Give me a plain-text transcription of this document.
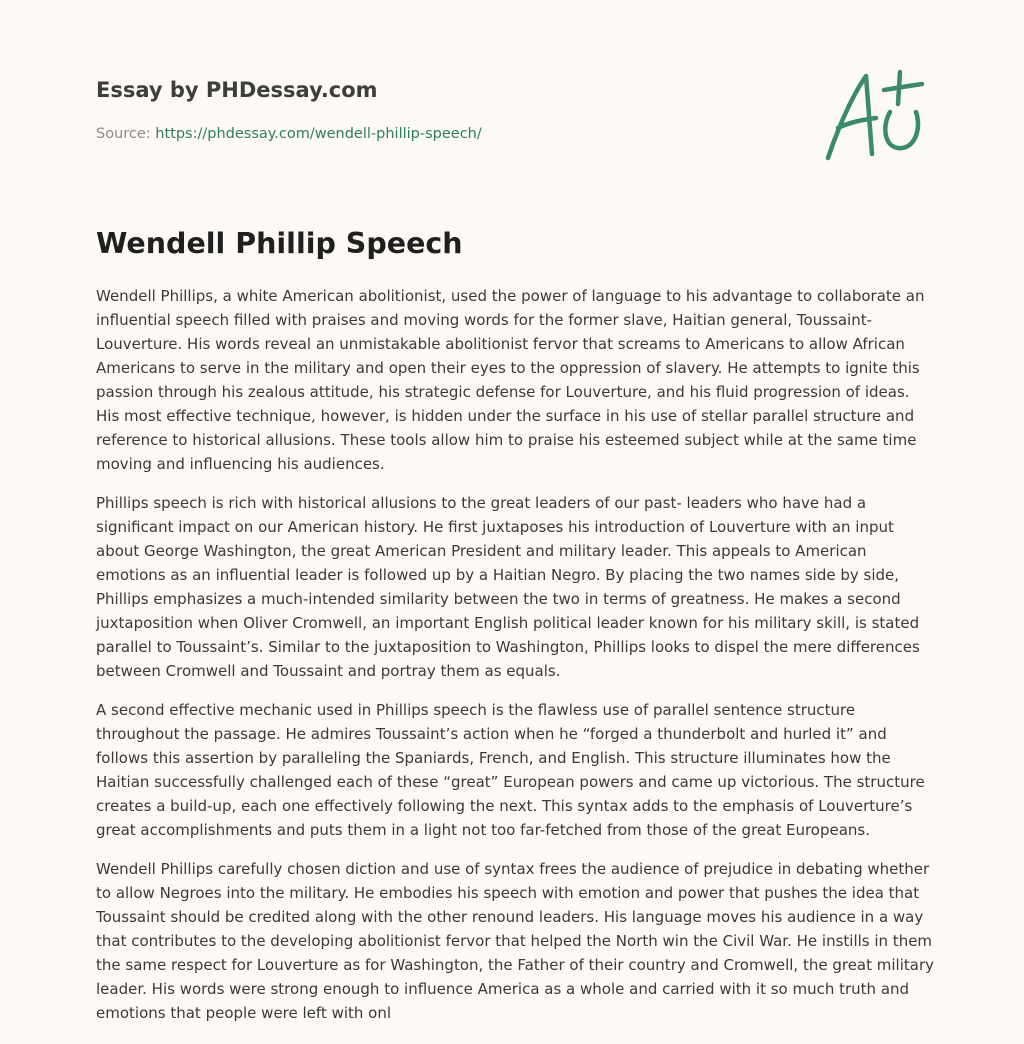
Essay by PHDessay.com
Source: https://phdessay.com/wendell-phillip-speech/
Wendell Phillip Speech

Wendell Phillips, a white American abolitionist, used the power of language to his advantage to collaborate an influential speech filled with praises and moving words for the former slave, Haitian general, Toussaint-Louverture. His words reveal an unmistakable abolitionist fervor that screams to Americans to allow African Americans to serve in the military and open their eyes to the oppression of slavery. He attempts to ignite this passion through his zealous attitude, his strategic defense for Louverture, and his fluid progression of ideas. His most effective technique, however, is hidden under the surface in his use of stellar parallel structure and reference to historical allusions. These tools allow him to praise his esteemed subject while at the same time moving and influencing his audiences.

Phillips speech is rich with historical allusions to the great leaders of our past- leaders who have had a significant impact on our American history. He first juxtaposes his introduction of Louverture with an input about George Washington, the great American President and military leader. This appeals to American emotions as an influential leader is followed up by a Haitian Negro. By placing the two names side by side, Phillips emphasizes a much-intended similarity between the two in terms of greatness. He makes a second juxtaposition when Oliver Cromwell, an important English political leader known for his military skill, is stated parallel to Toussaint’s. Similar to the juxtaposition to Washington, Phillips looks to dispel the mere differences between Cromwell and Toussaint and portray them as equals.

A second effective mechanic used in Phillips speech is the flawless use of parallel sentence structure throughout the passage. He admires Toussaint’s action when he “forged a thunderbolt and hurled it” and follows this assertion by paralleling the Spaniards, French, and English. This structure illuminates how the Haitian successfully challenged each of these “great” European powers and came up victorious. The structure creates a build-up, each one effectively following the next. This syntax adds to the emphasis of Louverture’s great accomplishments and puts them in a light not too far-fetched from those of the great Europeans.

Wendell Phillips carefully chosen diction and use of syntax frees the audience of prejudice in debating whether to allow Negroes into the military. He embodies his speech with emotion and power that pushes the idea that Toussaint should be credited along with the other renound leaders. His language moves his audience in a way that contributes to the developing abolitionist fervor that helped the North win the Civil War. He instills in them the same respect for Louverture as for Washington, the Father of their country and Cromwell, the great military leader. His words were strong enough to influence America as a whole and carried with it so much truth and emotions that people were left with onl
